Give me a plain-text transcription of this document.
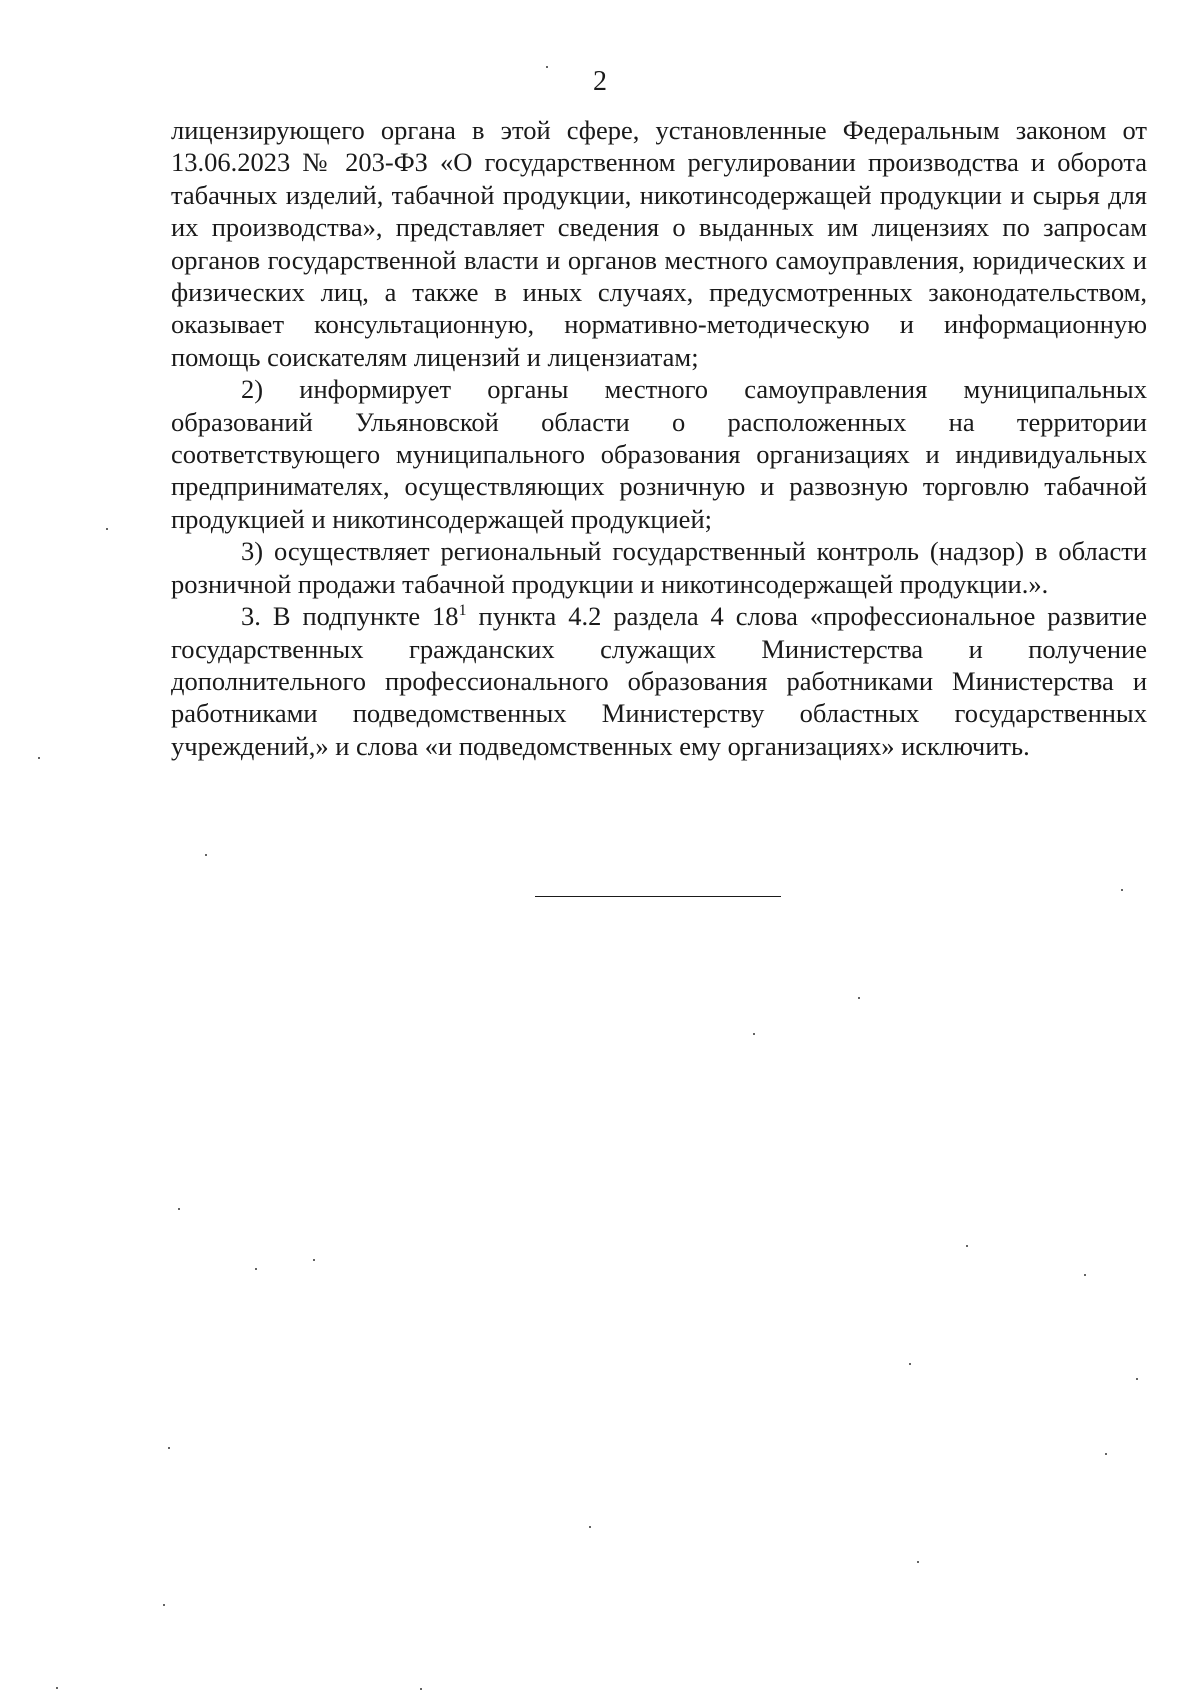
2

лицензирующего органа в этой сфере, установленные Федеральным законом от 13.06.2023 № 203-ФЗ «О государственном регулировании производства и оборота табачных изделий, табачной продукции, никотинсодержащей продукции и сырья для их производства», представляет сведения о выданных им лицензиях по запросам органов государственной власти и органов местного самоуправления, юридических и физических лиц, а также в иных случаях, предусмотренных законодательством, оказывает консультационную, нормативно-методическую и информационную помощь соискателям лицензий и лицензиатам;

2) информирует органы местного самоуправления муниципальных образований Ульяновской области о расположенных на территории соответствующего муниципального образования организациях и индивидуальных предпринимателях, осуществляющих розничную и развозную торговлю табачной продукцией и никотинсодержащей продукцией;

3) осуществляет региональный государственный контроль (надзор) в области розничной продажи табачной продукции и никотинсодержащей продукции.».

3. В подпункте $18^1$ пункта 4.2 раздела 4 слова «профессиональное развитие государственных гражданских служащих Министерства и получение дополнительного профессионального образования работниками Министерства и работниками подведомственных Министерству областных государственных учреждений,» и слова «и подведомственных ему организациях» исключить.
